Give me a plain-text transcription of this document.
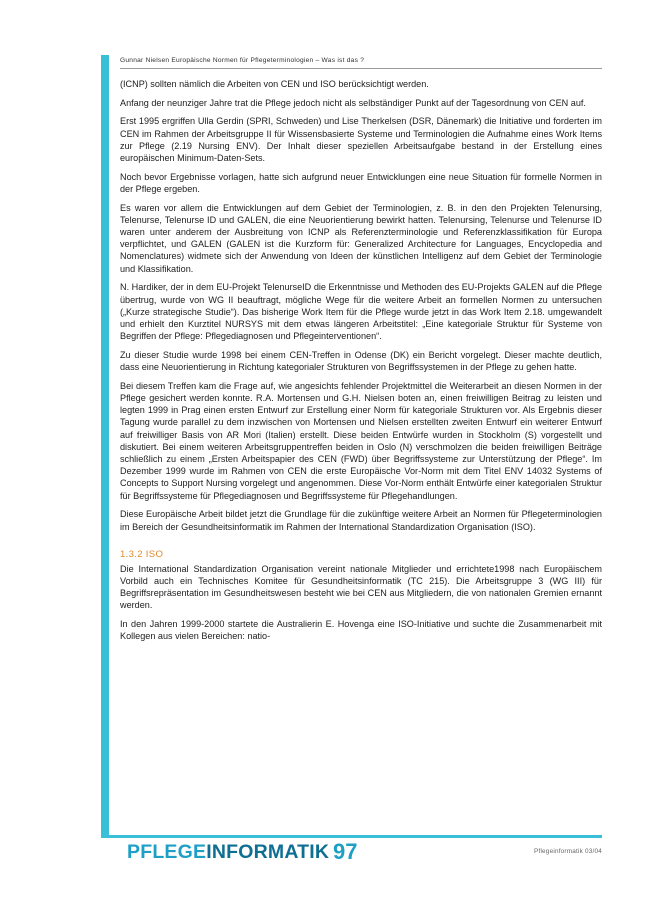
Gunnar Nielsen Europäische Normen für Pflegeterminologien – Was ist das ?

(ICNP) sollten nämlich die Arbeiten von CEN und ISO berücksichtigt werden.

Anfang der neunziger Jahre trat die Pflege jedoch nicht als selbständiger Punkt auf der Tagesordnung von CEN auf.

Erst 1995 ergriffen Ulla Gerdin (SPRI, Schweden) und Lise Therkelsen (DSR, Dänemark) die Initiative und forderten im CEN im Rahmen der Arbeitsgruppe II für Wissensbasierte Systeme und Terminologien die Aufnahme eines Work Items zur Pflege (2.19 Nursing ENV). Der Inhalt dieser speziellen Arbeitsaufgabe bestand in der Erstellung eines europäischen Minimum-Daten-Sets.

Noch bevor Ergebnisse vorlagen, hatte sich aufgrund neuer Entwicklungen eine neue Situation für formelle Normen in der Pflege ergeben.

Es waren vor allem die Entwicklungen auf dem Gebiet der Terminologien, z. B. in den den Projekten Telenursing, Telenurse, Telenurse ID und GALEN, die eine Neuorientierung bewirkt hatten. Telenursing, Telenurse und Telenurse ID waren unter anderem der Ausbreitung von ICNP als Referenzterminologie und Referenzklassifikation für Europa verpflichtet, und GALEN (GALEN ist die Kurzform für: Generalized Architecture for Languages, Encyclopedia and Nomenclatures) widmete sich der Anwendung von Ideen der künstlichen Intelligenz auf dem Gebiet der Terminologie und Klassifikation.

N. Hardiker, der in dem EU-Projekt TelenurseID die Erkenntnisse und Methoden des EU-Projekts GALEN auf die Pflege übertrug, wurde von WG II beauftragt, mögliche Wege für die weitere Arbeit an formellen Normen zu untersuchen („Kurze strategische Studie“). Das bisherige Work Item für die Pflege wurde jetzt in das Work Item 2.18. umgewandelt und erhielt den Kurztitel NURSYS mit dem etwas längeren Arbeitstitel: „Eine kategoriale Struktur für Systeme von Begriffen der Pflege: Pflegediagnosen und Pflegeinterventionen“.

Zu dieser Studie wurde 1998 bei einem CEN-Treffen in Odense (DK) ein Bericht vorgelegt. Dieser machte deutlich, dass eine Neuorientierung in Richtung kategorialer Strukturen von Begriffssystemen in der Pflege zu gehen hatte.

Bei diesem Treffen kam die Frage auf, wie angesichts fehlender Projektmittel die Weiterarbeit an diesen Normen in der Pflege gesichert werden konnte. R.A. Mortensen und G.H. Nielsen boten an, einen freiwilligen Beitrag zu leisten und legten 1999 in Prag einen ersten Entwurf zur Erstellung einer Norm für kategoriale Strukturen vor. Als Ergebnis dieser Tagung wurde parallel zu dem inzwischen von Mortensen und Nielsen erstellten zweiten Entwurf ein weiterer Entwurf auf freiwilliger Basis von AR Mori (Italien) erstellt. Diese beiden Entwürfe wurden in Stockholm (S) vorgestellt und diskutiert. Bei einem weiteren Arbeitsgruppentreffen beiden in Oslo (N) verschmolzen die beiden freiwilligen Beiträge schließlich zu einem „Ersten Arbeitspapier des CEN (FWD) über Begriffssysteme zur Unterstützung der Pflege“. Im Dezember 1999 wurde im Rahmen von CEN die erste Europäische Vor-Norm mit dem Titel ENV 14032 Systems of Concepts to Support Nursing vorgelegt und angenommen. Diese Vor-Norm enthält Entwürfe einer kategorialen Struktur für Begriffssysteme für Pflegediagnosen und Begriffssysteme für Pflegehandlungen.

Diese Europäische Arbeit bildet jetzt die Grundlage für die zukünftige weitere Arbeit an Normen für Pflegeterminologien im Bereich der Gesundheitsinformatik im Rahmen der International Standardization Organisation (ISO).

1.3.2 ISO

Die International Standardization Organisation vereint nationale Mitglieder und errichtete1998 nach Europäischem Vorbild auch ein Technisches Komitee für Gesundheitsinformatik (TC 215). Die Arbeitsgruppe 3 (WG III) für Begriffsrepräsentation im Gesundheitswesen besteht wie bei CEN aus Mitgliedern, die von nationalen Gremien ernannt werden.

In den Jahren 1999-2000 startete die Australierin E. Hovenga eine ISO-Initiative und suchte die Zusammenarbeit mit Kollegen aus vielen Bereichen: natio-

PFLEGEINFORMATIK 97	Pflegeinformatik 03/04
